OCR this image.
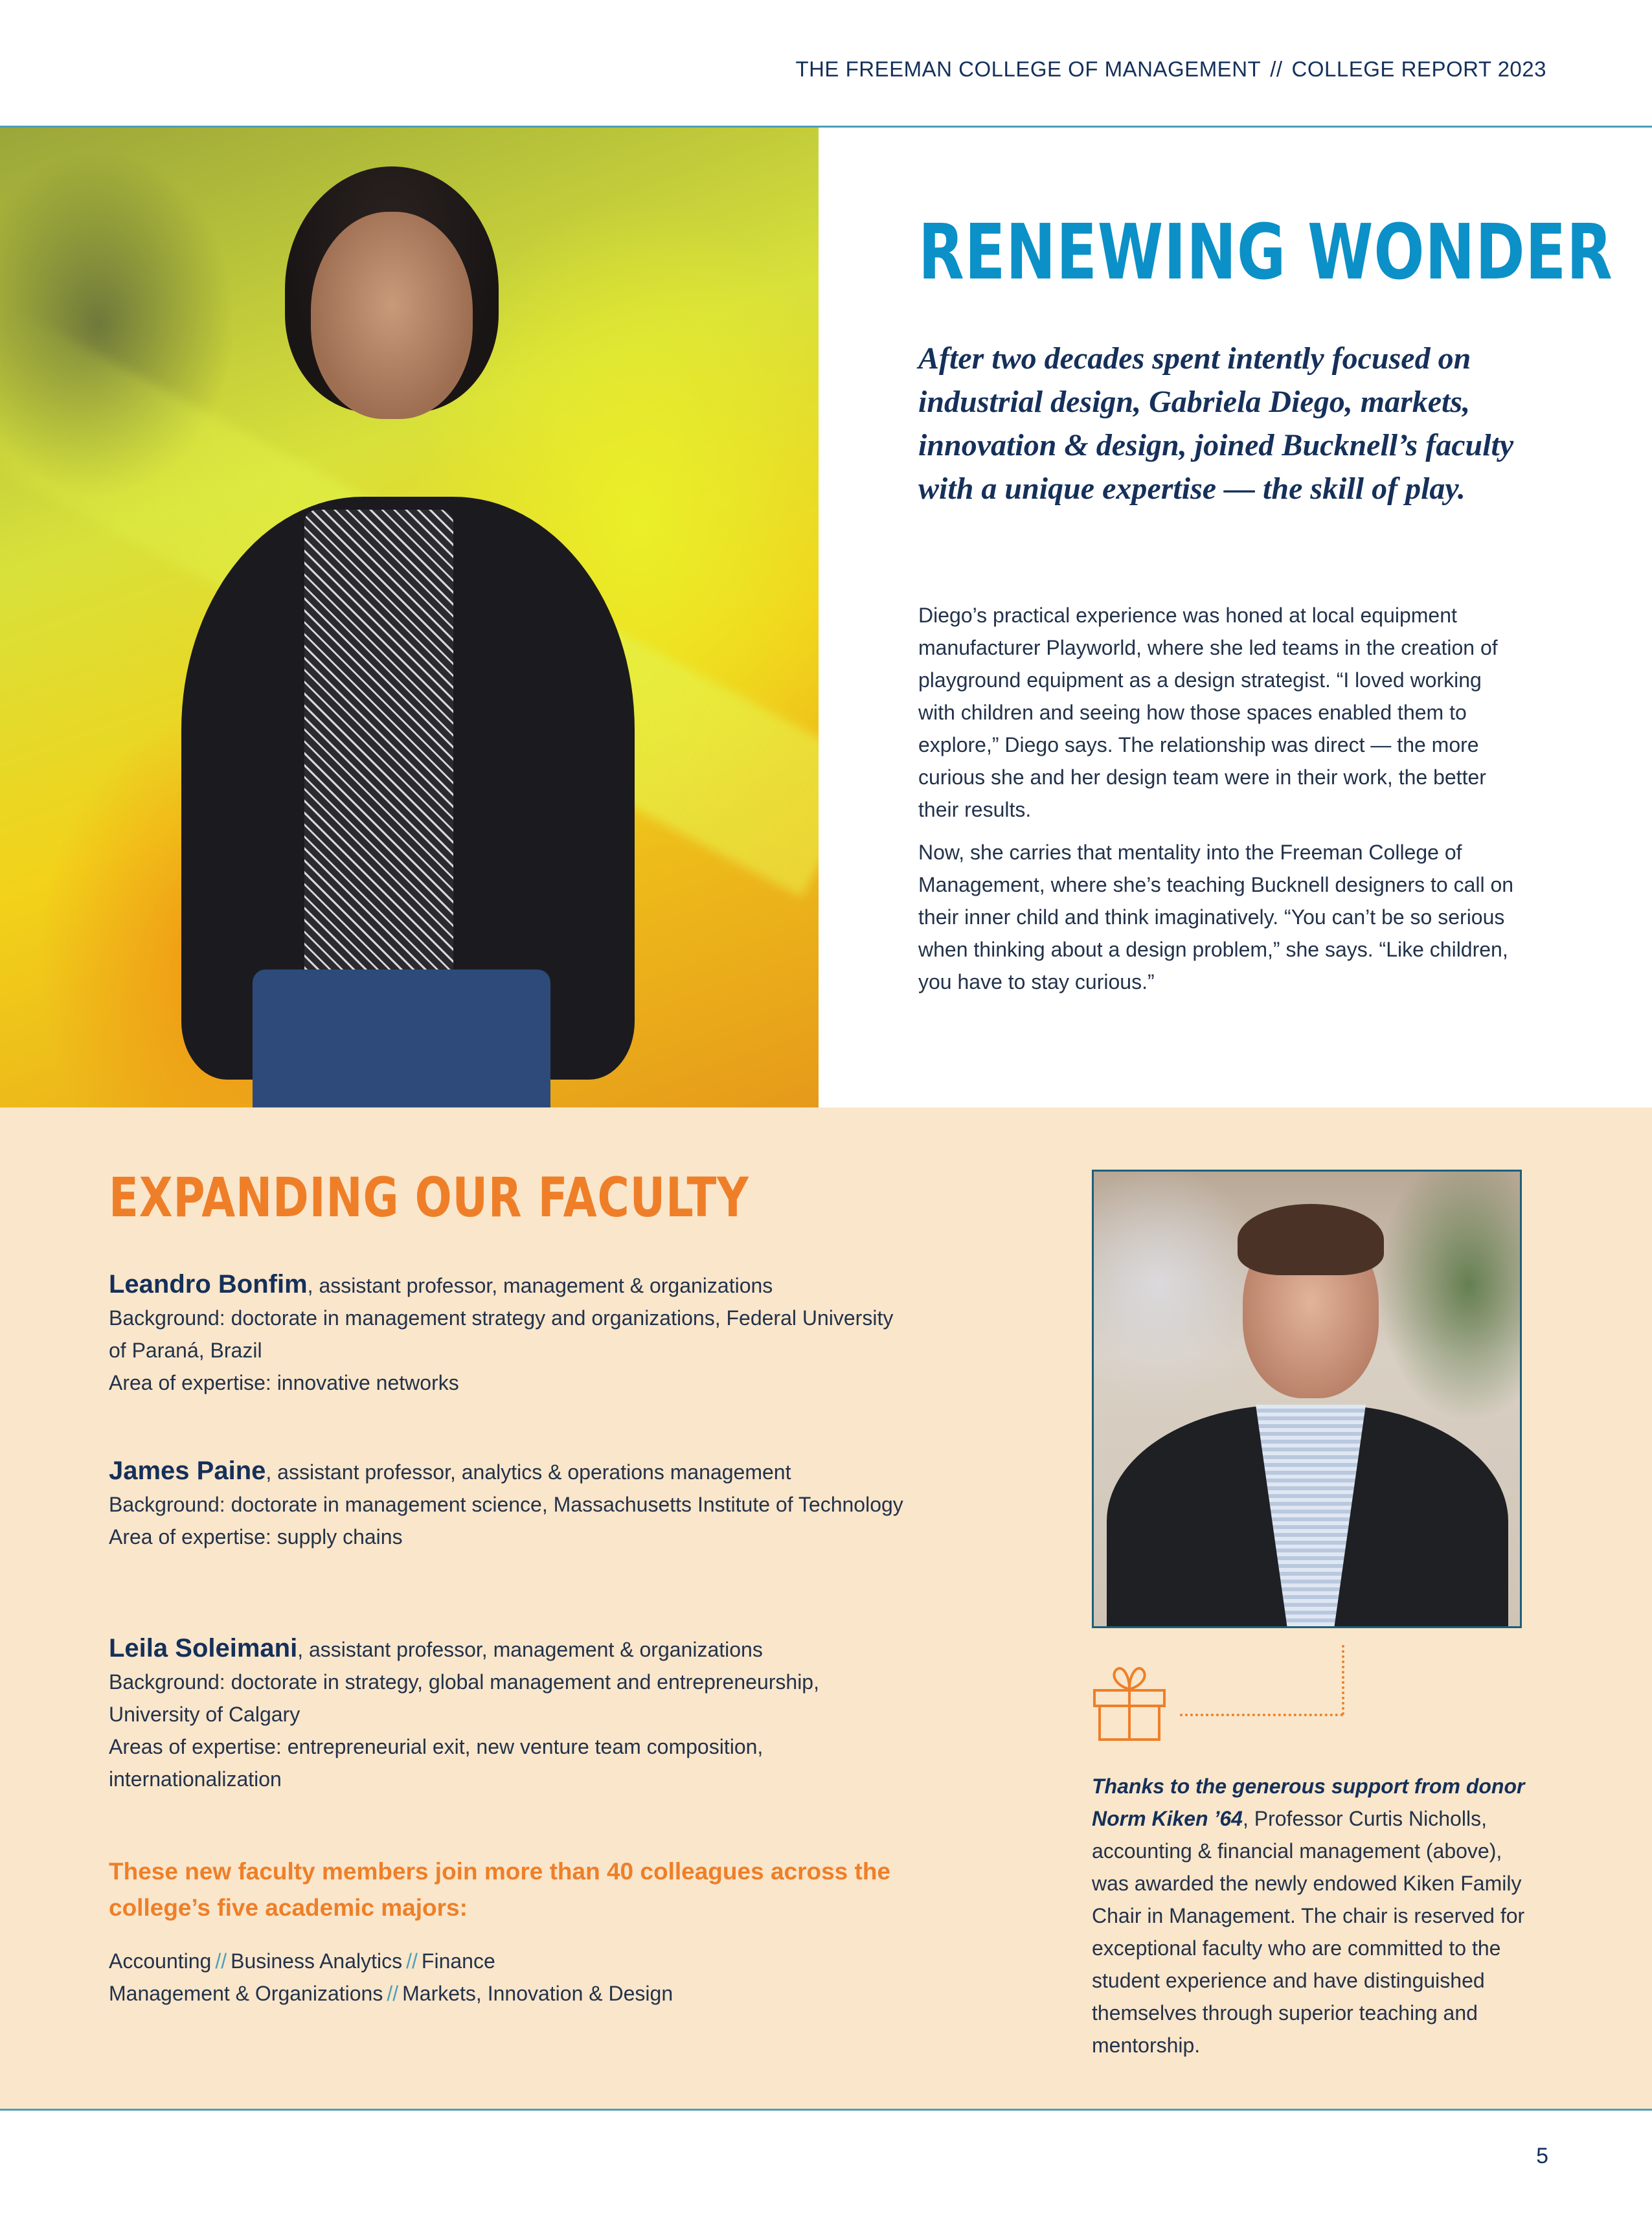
THE FREEMAN COLLEGE OF MANAGEMENT // COLLEGE REPORT 2023
RENEWING WONDER

After two decades spent intently focused on industrial design, Gabriela Diego, markets, innovation & design, joined Bucknell’s faculty with a unique expertise — the skill of play.

Diego’s practical experience was honed at local equipment manufacturer Playworld, where she led teams in the creation of playground equipment as a design strategist. “I loved working with children and seeing how those spaces enabled them to explore,” Diego says. The relationship was direct — the more curious she and her design team were in their work, the better their results.

Now, she carries that mentality into the Freeman College of Management, where she’s teaching Bucknell designers to call on their inner child and think imaginatively. “You can’t be so serious when thinking about a design problem,” she says. “Like children, you have to stay curious.”

EXPANDING OUR FACULTY
Leandro Bonfim, assistant professor, management & organizations
Background: doctorate in management strategy and organizations, Federal University of Paraná, Brazil
Area of expertise: innovative networks
James Paine, assistant professor, analytics & operations management
Background: doctorate in management science, Massachusetts Institute of Technology
Area of expertise: supply chains
Leila Soleimani, assistant professor, management & organizations
Background: doctorate in strategy, global management and entrepreneurship, University of Calgary
Areas of expertise: entrepreneurial exit, new venture team composition, internationalization
These new faculty members join more than 40 colleagues across the college’s five academic majors:
Accounting // Business Analytics // Finance
Management & Organizations // Markets, Innovation & Design
Thanks to the generous support from donor Norm Kiken ’64, Professor Curtis Nicholls, accounting & financial management (above), was awarded the newly endowed Kiken Family Chair in Management. The chair is reserved for exceptional faculty who are committed to the student experience and have distinguished themselves through superior teaching and mentorship.
5
